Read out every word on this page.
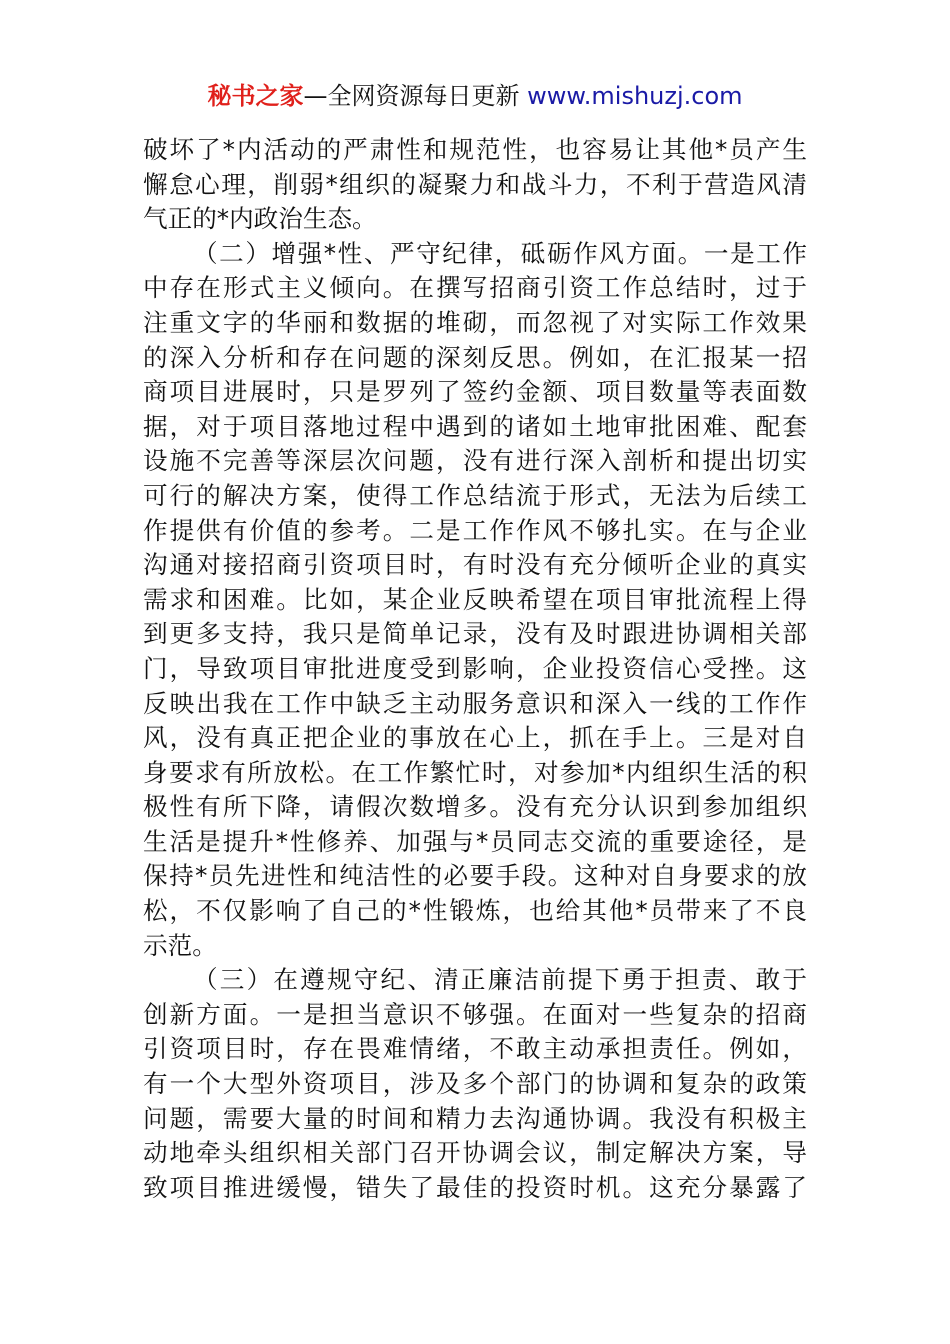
秘书之家—全网资源每日更新 www.mishuzj.com
破坏了*内活动的严肃性和规范性，也容易让其他*员产生
懈怠心理，削弱*组织的凝聚力和战斗力，不利于营造风清
气正的*内政治生态。
（二）增强*性、严守纪律，砥砺作风方面。一是工作
中存在形式主义倾向。在撰写招商引资工作总结时，过于
注重文字的华丽和数据的堆砌，而忽视了对实际工作效果
的深入分析和存在问题的深刻反思。例如，在汇报某一招
商项目进展时，只是罗列了签约金额、项目数量等表面数
据，对于项目落地过程中遇到的诸如土地审批困难、配套
设施不完善等深层次问题，没有进行深入剖析和提出切实
可行的解决方案，使得工作总结流于形式，无法为后续工
作提供有价值的参考。二是工作作风不够扎实。在与企业
沟通对接招商引资项目时，有时没有充分倾听企业的真实
需求和困难。比如，某企业反映希望在项目审批流程上得
到更多支持，我只是简单记录，没有及时跟进协调相关部
门，导致项目审批进度受到影响，企业投资信心受挫。这
反映出我在工作中缺乏主动服务意识和深入一线的工作作
风，没有真正把企业的事放在心上，抓在手上。三是对自
身要求有所放松。在工作繁忙时，对参加*内组织生活的积
极性有所下降，请假次数增多。没有充分认识到参加组织
生活是提升*性修养、加强与*员同志交流的重要途径，是
保持*员先进性和纯洁性的必要手段。这种对自身要求的放
松，不仅影响了自己的*性锻炼，也给其他*员带来了不良
示范。
（三）在遵规守纪、清正廉洁前提下勇于担责、敢于
创新方面。一是担当意识不够强。在面对一些复杂的招商
引资项目时，存在畏难情绪，不敢主动承担责任。例如，
有一个大型外资项目，涉及多个部门的协调和复杂的政策
问题，需要大量的时间和精力去沟通协调。我没有积极主
动地牵头组织相关部门召开协调会议，制定解决方案，导
致项目推进缓慢，错失了最佳的投资时机。这充分暴露了
